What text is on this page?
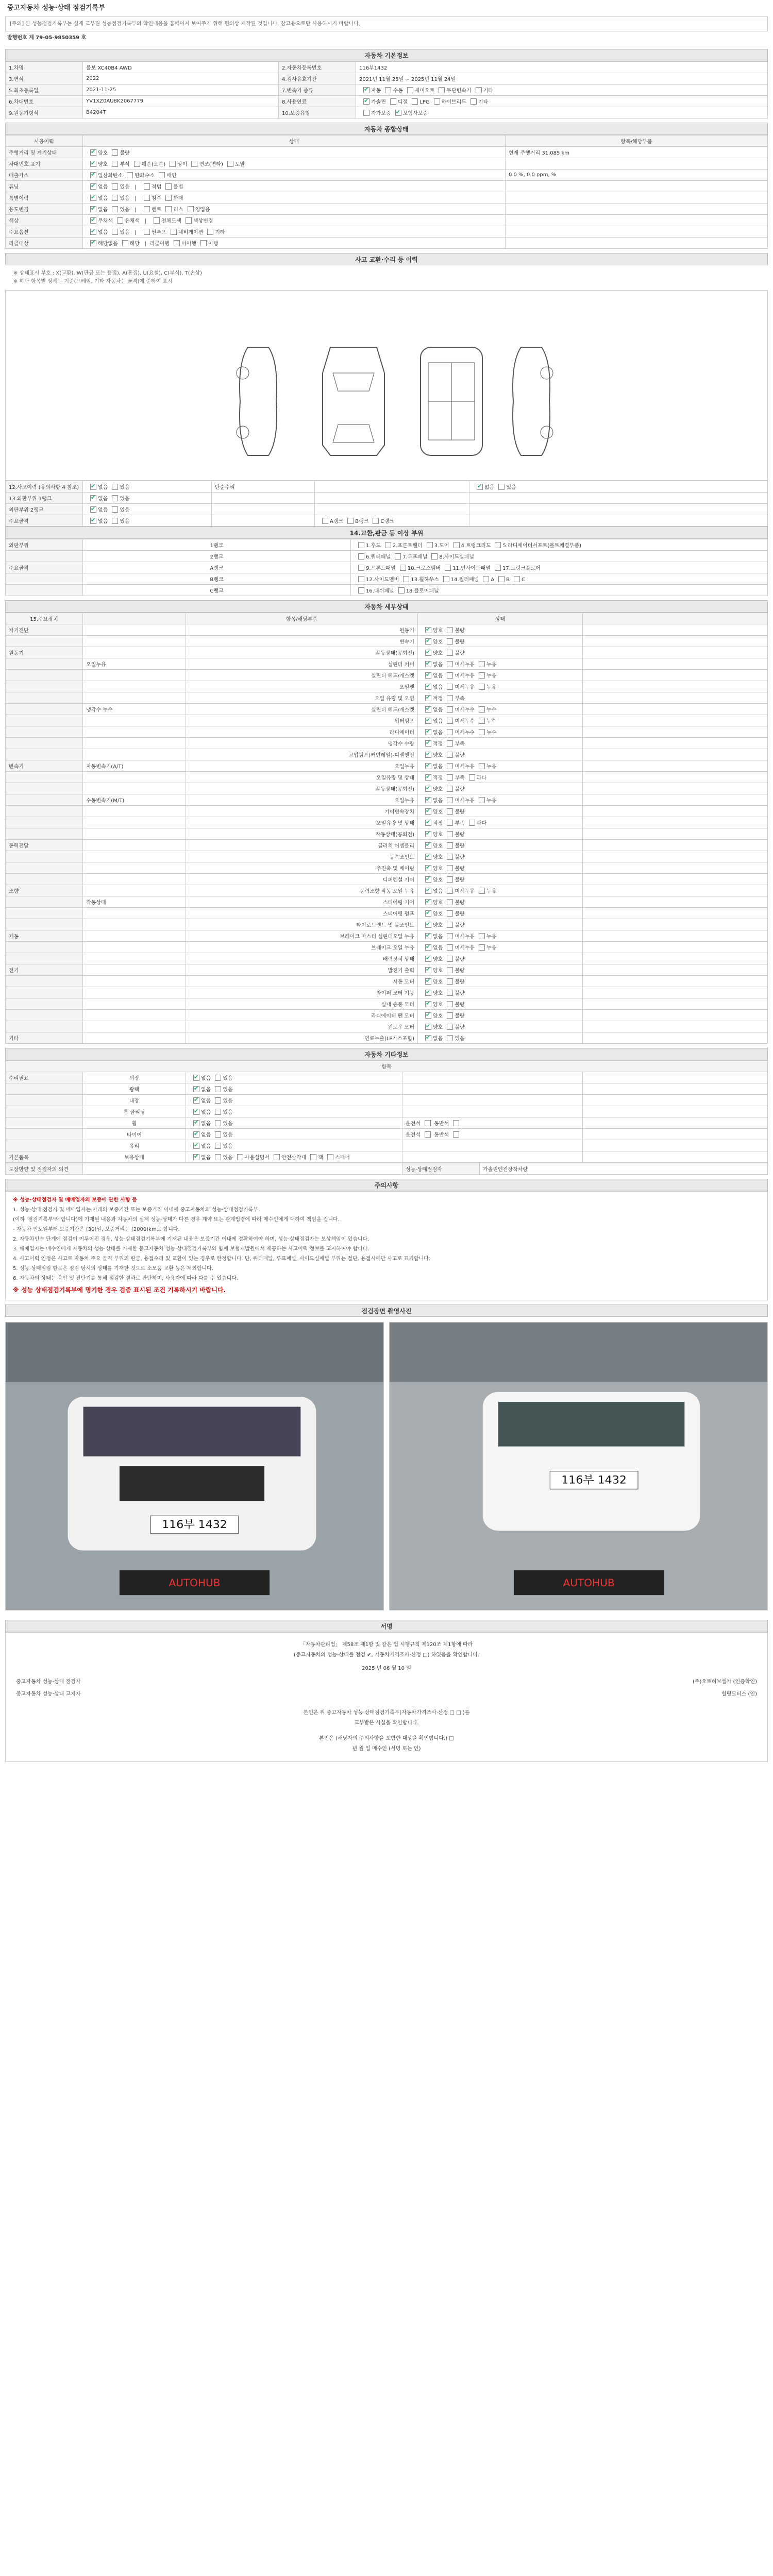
중고자동차 성능·상태 점검기록부
[주의] 본 성능점검기록부는 실제 교부된 성능점검기록부의 확인내용을 홈페이지 보여주기 위해 편의상 제작된 것입니다. 참고용으로만 사용하시기 바랍니다.
발행번호 제 79-05-9850359 호
자동차 기본정보
1.차명	볼보 XC40B4 AWD	2.자동차등록번호	116부1432
3.연식	2022	4.검사유효기간	2021년 11월 25일 ~ 2025년 11월 24일
5.최초등록일	2021-11-25	7.변속기 종류	✔자동 수동 세미오토 무단변속기 기타
6.차대번호	YV1XZ0AU8K2067779	8.사용연료	✔가솔린 디젤 LPG 하이브리드 기타
9.원동기형식	B4204T	10.보증유형	자가보증 ✔ 보험사보증
자동차 종합상태
사용이력	상태	항목/해당부품
주행거리 및 계기상태	✔양호 불량	현재 주행거리 31,085 km
차대번호 표기	✔양호 부식 훼손(오손) 상이 변조(변타) 도말	
배출가스	✔일산화탄소 탄화수소 매연	0.0 %, 0.0 ppm, %
튜닝	✔없음 있음   |  적법 불법	
특별이력	✔없음 있음   |  침수 화재	
용도변경	✔없음 있음   |  렌트 리스 영업용	
색상	✔무채색 유채색   |  전체도색 색상변경	
주요옵션	✔없음 있음   |  썬루프 네비게이션 기타	
리콜대상	✔해당없음 해당   |  리콜이행 미이행 이행	
사고 교환·수리 등 이력
※ 상태표시 부호 : X(교환), W(판금 또는 용접), A(흠집), U(요철), C(부식), T(손상)
※ 하단 항목별 상세는 기준(프레임, 기타 자동차는 골격)에 준하여 표시
12.사고이력 (유의사항 4 참조)	✔없음 있음	단순수리		✔없음 있음
13.외판부위 1랭크	✔없음 있음			
외판부위 2랭크	✔없음 있음			
주요골격	✔없음 있음		A랭크 B랭크 C랭크	
14.교환,판금 등 이상 부위
외판부위	1랭크	1.후드 2.프론트휀더 3.도어 4.트렁크리드 5.라디에이터서포트(볼트체결부품)
	2랭크	6.쿼터패널 7.루프패널 8.사이드실패널
주요골격	A랭크	9.프론트패널 10.크로스멤버 11.인사이드패널 17.트렁크플로어
	B랭크	12.사이드멤버 13.휠하우스 14.필러패널 A B C
	C랭크	16.대쉬패널 18.플로어패널
자동차 세부상태
15.주요장치		항목/해당부품	상태	
자기진단		원동기	✔양호 불량	
		변속기	✔양호 불량	
원동기		작동상태(공회전)	✔양호 불량	
	오일누유	실린더 커버	✔없음 미세누유 누유	
		실린더 헤드/개스켓	✔없음 미세누유 누유	
		오일팬	✔없음 미세누유 누유	
		오일 유량 및 오염	✔적정 부족	
	냉각수 누수	실린더 헤드/개스켓	✔없음 미세누수 누수	
		워터펌프	✔없음 미세누수 누수	
		라디에이터	✔없음 미세누수 누수	
		냉각수 수량	✔적정 부족	
		고압펌프(커먼레일)-디젤엔진	✔양호 불량	
변속기	자동변속기(A/T)	오일누유	✔없음 미세누유 누유	
		오일유량 및 상태	✔적정 부족 과다	
		작동상태(공회전)	✔양호 불량	
	수동변속기(M/T)	오일누유	✔없음 미세누유 누유	
		기어변속장치	✔양호 불량	
		오일유량 및 상태	✔적정 부족 과다	
		작동상태(공회전)	✔양호 불량	
동력전달		클러치 어셈블리	✔양호 불량	
		등속조인트	✔양호 불량	
		추진축 및 베어링	✔양호 불량	
		디퍼렌셜 기어	✔양호 불량	
조향		동력조향 작동 오일 누유	✔없음 미세누유 누유	
	작동상태	스티어링 기어	✔양호 불량	
		스티어링 펌프	✔양호 불량	
		타이로드엔드 및 볼조인트	✔양호 불량	
제동		브레이크 마스터 실린더오일 누유	✔없음 미세누유 누유	
		브레이크 오일 누유	✔없음 미세누유 누유	
		배력장치 상태	✔양호 불량	
전기		발전기 출력	✔양호 불량	
		시동 모터	✔양호 불량	
		와이퍼 모터 기능	✔양호 불량	
		실내 송풍 모터	✔양호 불량	
		라디에이터 팬 모터	✔양호 불량	
		윈도우 모터	✔양호 불량	
기타		연료누출(LP가스포함)	✔없음 있음	
자동차 기타정보
항목				
수리필요	외장	✔없음 있음		
	광택	✔없음 있음		
	내장	✔없음 있음		
	룸 클리닝	✔없음 있음		
	휠	✔없음 있음	운전석 동반석	
	타이어	✔없음 있음	운전석 동반석	
	유리	✔없음 있음		
기본품목	보유상태	✔없음 있음 사용설명서 안전삼각대 잭 스패너		
도장방향 및 점검자의 의견		성능·상태점검자	가솔린엔진장착차량
주의사항

※ 성능·상태점검자 및 매매업자의 보증에 관한 사항 등

1. 성능·상태 점검자 및 매매업자는 아래의 보증기간 또는 보증거리 이내에 중고자동차의 성능·상태점검기록부

(이하 '점검기록부'라 합니다)에 기재된 내용과 자동차의 실제 성능·상태가 다른 경우 계약 또는 관계법령에 따라 매수인에게 대하여 책임을 집니다.

- 자동차 인도일부터 보증기간은 (30)일, 보증거리는 (2000)km로 합니다.

2. 자동차인수 단계에 점검이 이루어진 경우, 성능·상태점검기록부에 기재된 내용은 보증기간 이내에 정확하여야 하며, 성능·상태점검자는 보상책임이 있습니다.

3. 매매업자는 매수인에게 자동차의 성능·상태를 기재한 중고자동차 성능·상태점검기록부와 함께 보험개발원에서 제공하는 사고이력 정보를 고지하여야 합니다.

4. 사고이력 인정은 사고로 자동차 주요 골격 부위의 판금, 용접수리 및 교환이 있는 경우로 한정합니다. 단, 쿼터패널, 루프패널, 사이드실패널 부위는 절단, 용접시에만 사고로 표기합니다.

5. 성능·상태점검 항목은 점검 당시의 상태를 기재한 것으로 소모품 교환 등은 제외합니다.

6. 자동차의 상태는 육안 및 진단기를 통해 점검한 결과로 판단하며, 사용자에 따라 다를 수 있습니다.

※ 성능 상태점검기록부에 명기한 경우 검증 표시된 조건 기록하시기 바랍니다.

점검장면 촬영사진
116부 1432
AUTOHUB
116부 1432
AUTOHUB
서명
「자동차관리법」 제58조 제1항 및 같은 법 시행규칙 제120조 제1항에 따라
(중고자동차의 성능·상태를 점검 ✔, 자동차가격조사·산정 □) 하였음을 확인합니다.
2025 년 06 월 10 일
중고자동차 성능·상태 점검자	(주)오토허브셀카 (인증확인)
중고자동차 성능·상태 고지자	힐링모터스 (인)
본인은 위 중고자동차 성능·상태점검기록부(자동차가격조사·산정 □ □ )를
교부받은 사실을 확인합니다.
본인은 (해당자의 주의사항을 포함한 대상을 확인합니다.) □
년 월 일 매수인 (서명 또는 인)
